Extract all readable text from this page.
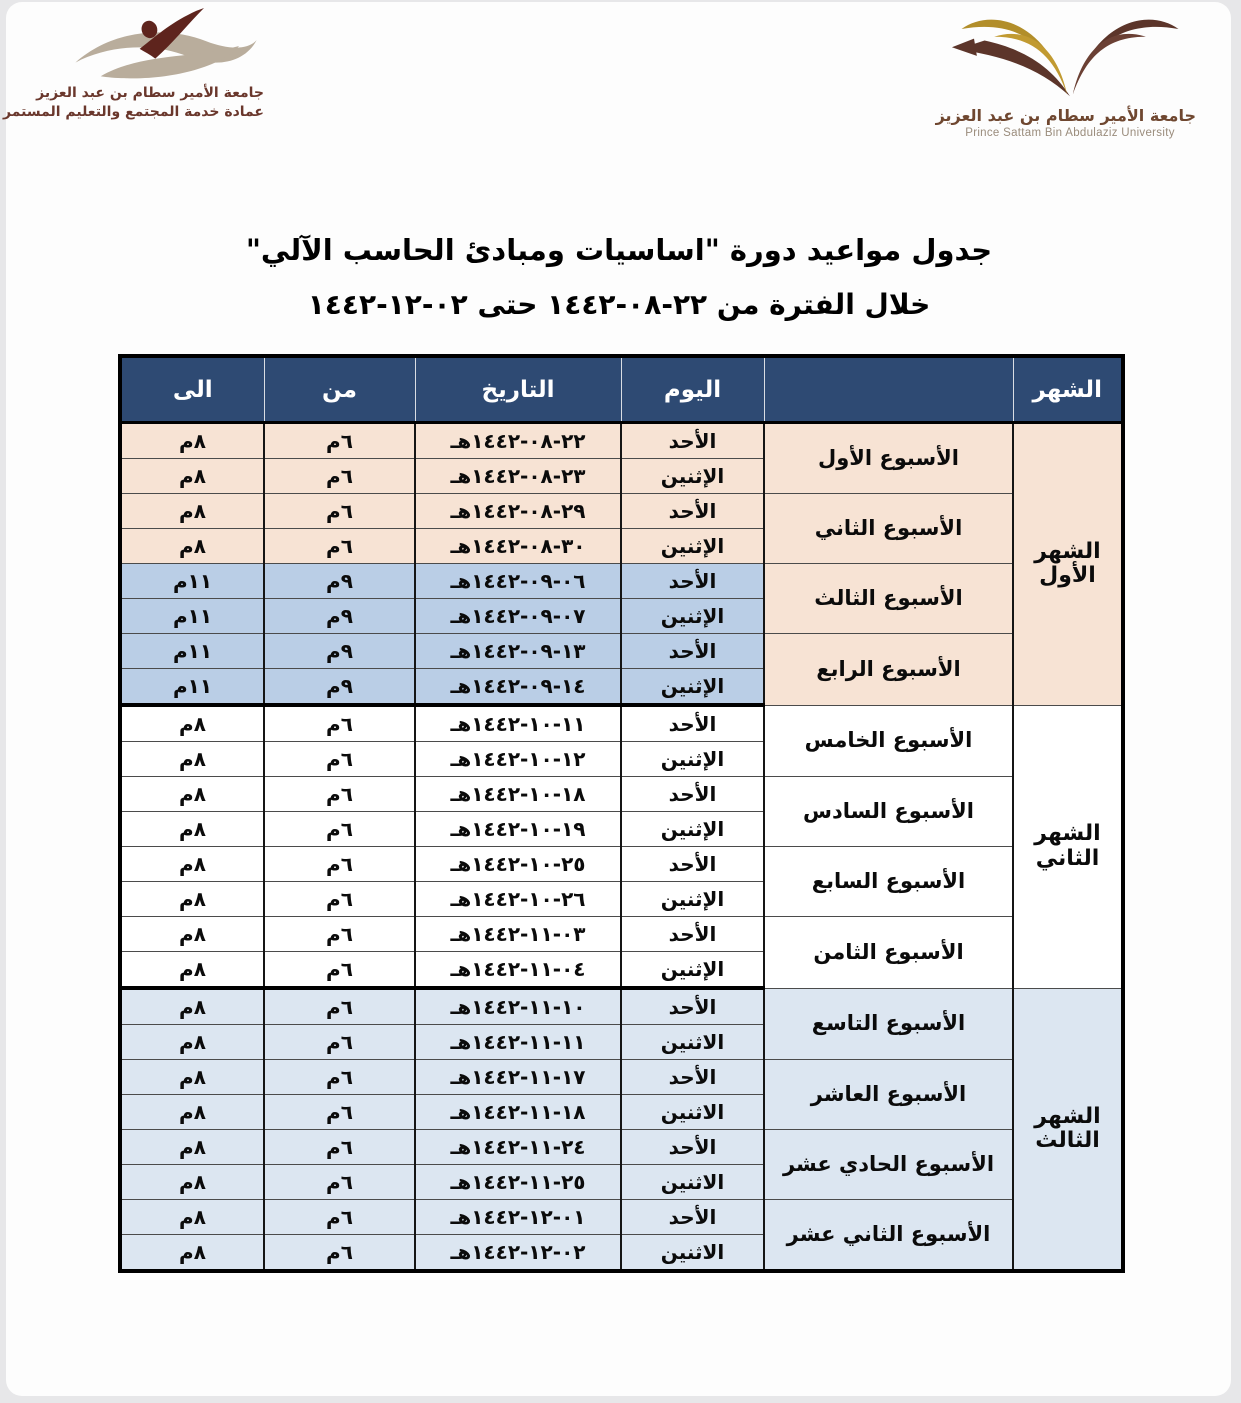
جامعة الأمير سطام بن عبد العزيز
عمادة خدمة المجتمع والتعليم المستمر	جامعة الأمير سطام بن عبد العزيز
Prince Sattam Bin Abdulaziz University
جدول مواعيد دورة "اساسيات ومبادئ الحاسب الآلي"
خلال الفترة من ٢٢-٠٨-١٤٤٢ حتى ٠٢-١٢-١٤٤٢
الشهر		اليوم	التاريخ	من	الى
الشهر الأول	الأسبوع الأول	الأحد	٢٢-٠٨-١٤٤٢هـ	٦م	٨م
		الإثنين	٢٣-٠٨-١٤٤٢هـ	٦م	٨م
	الأسبوع الثاني	الأحد	٢٩-٠٨-١٤٤٢هـ	٦م	٨م
		الإثنين	٣٠-٠٨-١٤٤٢هـ	٦م	٨م
	الأسبوع الثالث	الأحد	٠٦-٠٩-١٤٤٢هـ	٩م	١١م
		الإثنين	٠٧-٠٩-١٤٤٢هـ	٩م	١١م
	الأسبوع الرابع	الأحد	١٣-٠٩-١٤٤٢هـ	٩م	١١م
		الإثنين	١٤-٠٩-١٤٤٢هـ	٩م	١١م
الشهر الثاني	الأسبوع الخامس	الأحد	١١-١٠-١٤٤٢هـ	٦م	٨م
		الإثنين	١٢-١٠-١٤٤٢هـ	٦م	٨م
	الأسبوع السادس	الأحد	١٨-١٠-١٤٤٢هـ	٦م	٨م
		الإثنين	١٩-١٠-١٤٤٢هـ	٦م	٨م
	الأسبوع السابع	الأحد	٢٥-١٠-١٤٤٢هـ	٦م	٨م
		الإثنين	٢٦-١٠-١٤٤٢هـ	٦م	٨م
	الأسبوع الثامن	الأحد	٠٣-١١-١٤٤٢هـ	٦م	٨م
		الإثنين	٠٤-١١-١٤٤٢هـ	٦م	٨م
الشهر الثالث	الأسبوع التاسع	الأحد	١٠-١١-١٤٤٢هـ	٦م	٨م
		الاثنين	١١-١١-١٤٤٢هـ	٦م	٨م
	الأسبوع العاشر	الأحد	١٧-١١-١٤٤٢هـ	٦م	٨م
		الاثنين	١٨-١١-١٤٤٢هـ	٦م	٨م
	الأسبوع الحادي عشر	الأحد	٢٤-١١-١٤٤٢هـ	٦م	٨م
		الاثنين	٢٥-١١-١٤٤٢هـ	٦م	٨م
	الأسبوع الثاني عشر	الأحد	٠١-١٢-١٤٤٢هـ	٦م	٨م
		الاثنين	٠٢-١٢-١٤٤٢هـ	٦م	٨م
